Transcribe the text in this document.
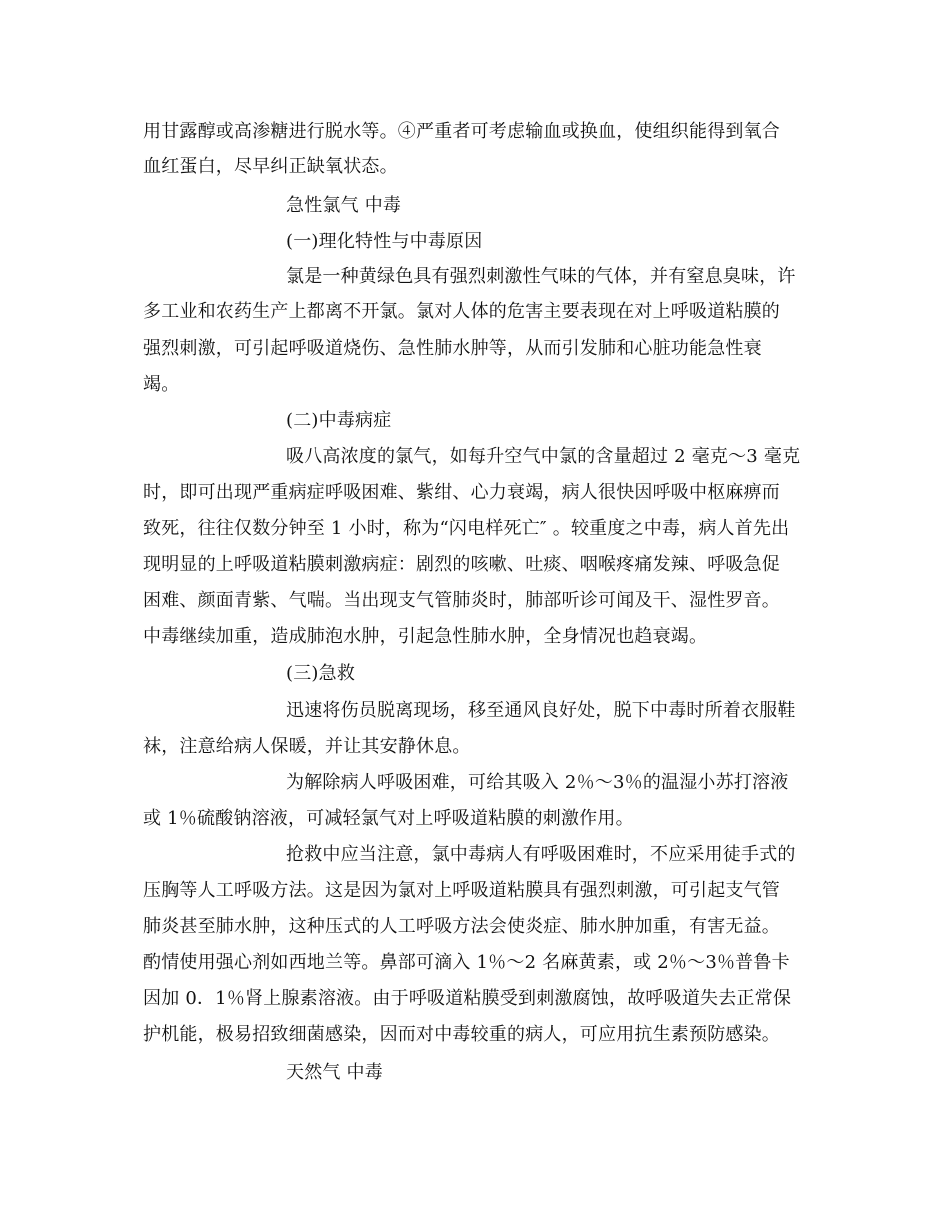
用甘露醇或高渗糖进行脱水等。④严重者可考虑输血或换血，使组织能得到氧合
血红蛋白，尽早纠正缺氧状态。
急性氯气 中毒
(一)理化特性与中毒原因
氯是一种黄绿色具有强烈刺激性气味的气体，并有窒息臭味，许
多工业和农药生产上都离不开氯。氯对人体的危害主要表现在对上呼吸道粘膜的
强烈刺激，可引起呼吸道烧伤、急性肺水肿等，从而引发肺和心脏功能急性衰
竭。
(二)中毒病症
吸八高浓度的氯气，如每升空气中氯的含量超过 2 毫克～3 毫克
时，即可出现严重病症呼吸困难、紫绀、心力衰竭，病人很快因呼吸中枢麻痹而
致死，往往仅数分钟至 1 小时，称为“闪电样死亡″ 。较重度之中毒，病人首先出
现明显的上呼吸道粘膜刺激病症：剧烈的咳嗽、吐痰、咽喉疼痛发辣、呼吸急促
困难、颜面青紫、气喘。当出现支气管肺炎时，肺部听诊可闻及干、湿性罗音。
中毒继续加重，造成肺泡水肿，引起急性肺水肿，全身情况也趋衰竭。
(三)急救
迅速将伤员脱离现场，移至通风良好处，脱下中毒时所着衣服鞋
袜，注意给病人保暖，并让其安静休息。
为解除病人呼吸困难，可给其吸入 2％～3％的温湿小苏打溶液
或 1％硫酸钠溶液，可减轻氯气对上呼吸道粘膜的刺激作用。
抢救中应当注意，氯中毒病人有呼吸困难时，不应采用徒手式的
压胸等人工呼吸方法。这是因为氯对上呼吸道粘膜具有强烈刺激，可引起支气管
肺炎甚至肺水肿，这种压式的人工呼吸方法会使炎症、肺水肿加重，有害无益。
酌情使用强心剂如西地兰等。鼻部可滴入 1％～2 名麻黄素，或 2％～3％普鲁卡
因加 0．1％肾上腺素溶液。由于呼吸道粘膜受到刺激腐蚀，故呼吸道失去正常保
护机能，极易招致细菌感染，因而对中毒较重的病人，可应用抗生素预防感染。
天然气 中毒
